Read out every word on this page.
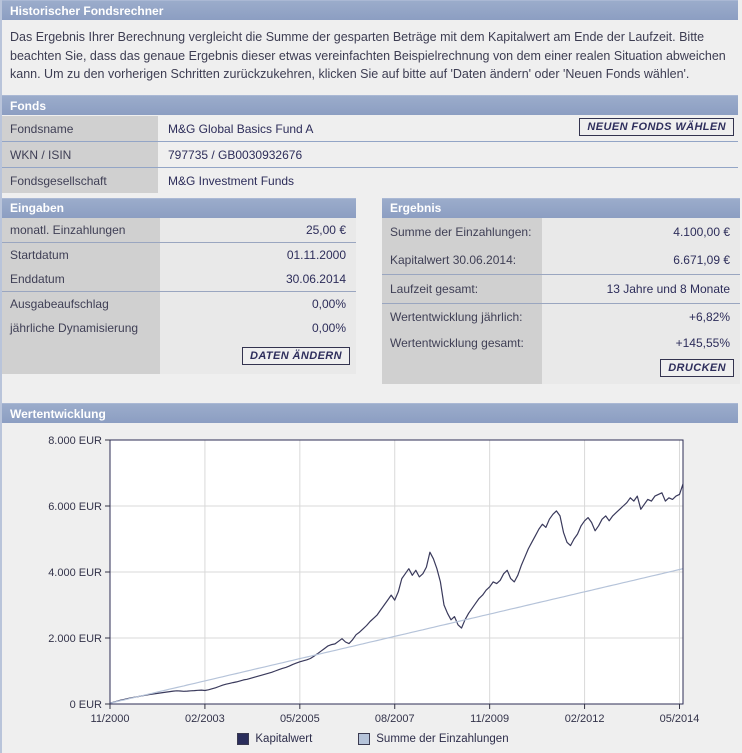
Historischer Fondsrechner

Das Ergebnis Ihrer Berechnung vergleicht die Summe der gesparten Beträge mit dem Kapitalwert am Ende der Laufzeit. Bitte beachten Sie, dass das genaue Ergebnis dieser etwas vereinfachten Beispielrechnung von dem einer realen Situation abweichen kann. Um zu den vorherigen Schritten zurückzukehren, klicken Sie auf bitte auf 'Daten ändern' oder 'Neuen Fonds wählen'.

Fonds
Fondsname	M&G Global Basics Fund A
WKN / ISIN	797735 / GB0030932676
Fondsgesellschaft	M&G Investment Funds
NEUEN FONDS WÄHLEN
Eingaben
monatl. Einzahlungen	25,00 €
Startdatum	01.11.2000
Enddatum	30.06.2014
Ausgabeaufschlag	0,00%
jährliche Dynamisierung	0,00%
DATEN ÄNDERN
Ergebnis
Summe der Einzahlungen:	4.100,00 €
Kapitalwert 30.06.2014:	6.671,09 €
Laufzeit gesamt:	13 Jahre und 8 Monate
Wertentwicklung jährlich:	+6,82%
Wertentwicklung gesamt:	+145,55%
DRUCKEN
Wertentwicklung
0 EUR
2.000 EUR
4.000 EUR
6.000 EUR
8.000 EUR
11/2000	02/2003	05/2005	08/2007	11/2009	02/2012	05/2014
Kapitalwert	Summe der Einzahlungen
